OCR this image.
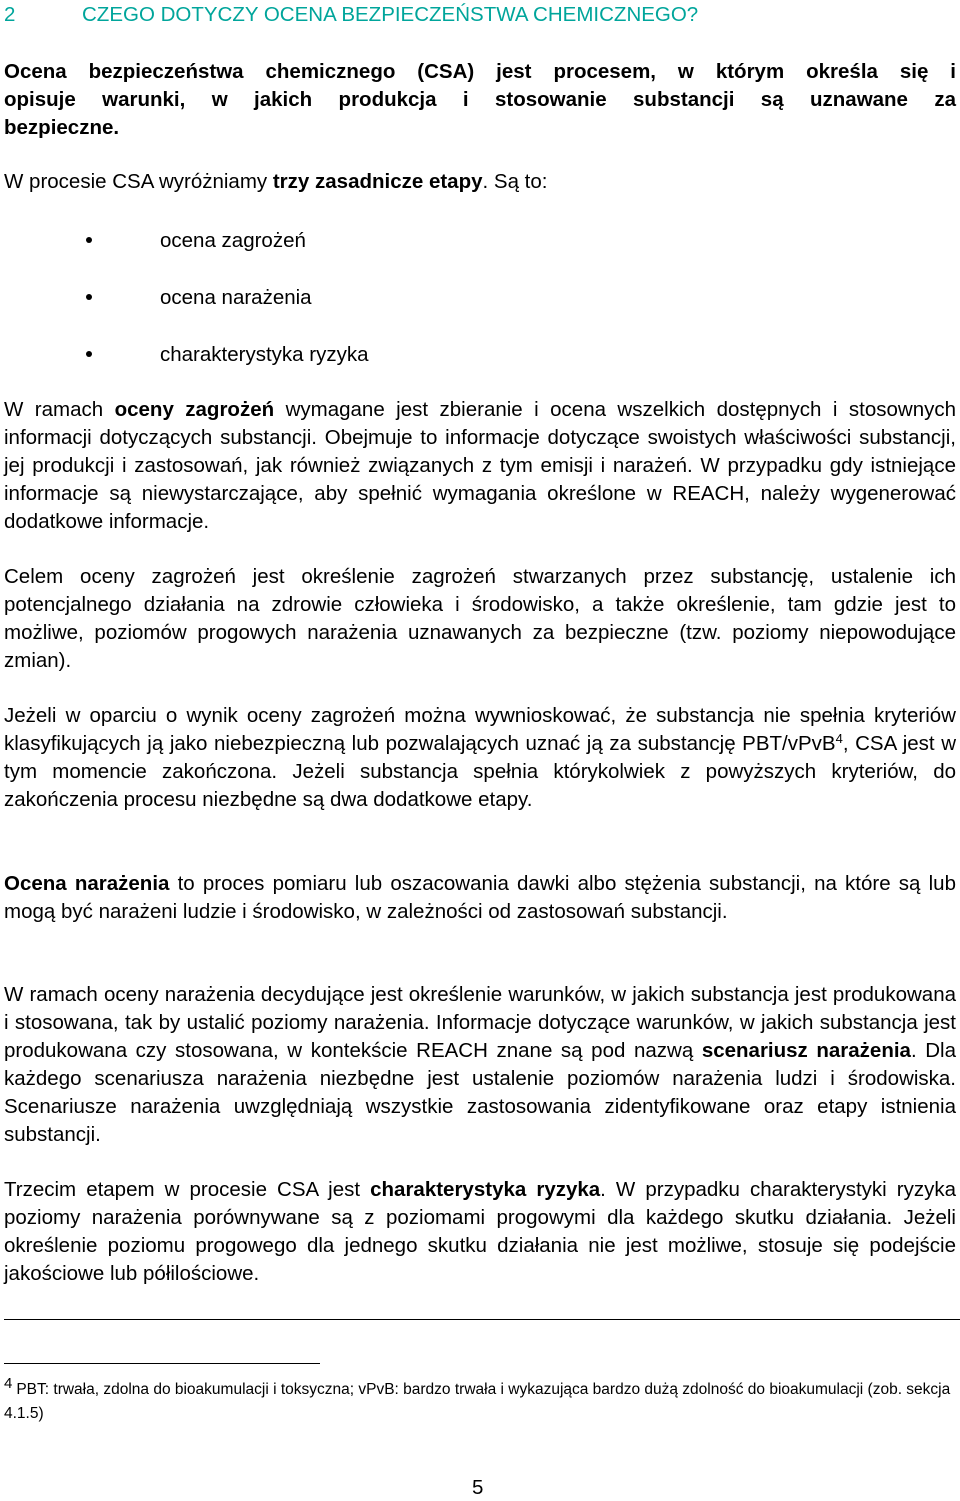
2	CZEGO DOTYCZY OCENA BEZPIECZEŃSTWA CHEMICZNEGO?
Ocena bezpieczeństwa chemicznego (CSA) jest procesem, w którym określa się i
opisuje warunki, w jakich produkcja i stosowanie substancji są uznawane za
bezpieczne.
W procesie CSA wyróżniamy trzy zasadnicze etapy. Są to:
ocena zagrożeń
ocena narażenia
charakterystyka ryzyka

W ramach oceny zagrożeń wymagane jest zbieranie i ocena wszelkich dostępnych i stosownych informacji dotyczących substancji. Obejmuje to informacje dotyczące swoistych właściwości substancji, jej produkcji i zastosowań, jak również związanych z tym emisji i narażeń. W przypadku gdy istniejące informacje są niewystarczające, aby spełnić wymagania określone w REACH, należy wygenerować dodatkowe informacje.

Celem oceny zagrożeń jest określenie zagrożeń stwarzanych przez substancję, ustalenie ich potencjalnego działania na zdrowie człowieka i środowisko, a także określenie, tam gdzie jest to możliwe, poziomów progowych narażenia uznawanych za bezpieczne (tzw. poziomy niepowodujące zmian).

Jeżeli w oparciu o wynik oceny zagrożeń można wywnioskować, że substancja nie spełnia kryteriów klasyfikujących ją jako niebezpieczną lub pozwalających uznać ją za substancję PBT/vPvB$^4$, CSA jest w tym momencie zakończona. Jeżeli substancja spełnia którykolwiek z powyższych kryteriów, do zakończenia procesu niezbędne są dwa dodatkowe etapy.

Ocena narażenia to proces pomiaru lub oszacowania dawki albo stężenia substancji, na które są lub mogą być narażeni ludzie i środowisko, w zależności od zastosowań substancji.

W ramach oceny narażenia decydujące jest określenie warunków, w jakich substancja jest produkowana i stosowana, tak by ustalić poziomy narażenia. Informacje dotyczące warunków, w jakich substancja jest produkowana czy stosowana, w kontekście REACH znane są pod nazwą scenariusz narażenia. Dla każdego scenariusza narażenia niezbędne jest ustalenie poziomów narażenia ludzi i środowiska. Scenariusze narażenia uwzględniają wszystkie zastosowania zidentyfikowane oraz etapy istnienia substancji.

Trzecim etapem w procesie CSA jest charakterystyka ryzyka. W przypadku charakterystyki ryzyka poziomy narażenia porównywane są z poziomami progowymi dla każdego skutku działania. Jeżeli określenie poziomu progowego dla jednego skutku działania nie jest możliwe, stosuje się podejście jakościowe lub półilościowe.

4 PBT: trwała, zdolna do bioakumulacji i toksyczna; vPvB: bardzo trwała i wykazująca bardzo dużą zdolność do bioakumulacji (zob. sekcja 4.1.5)
5
